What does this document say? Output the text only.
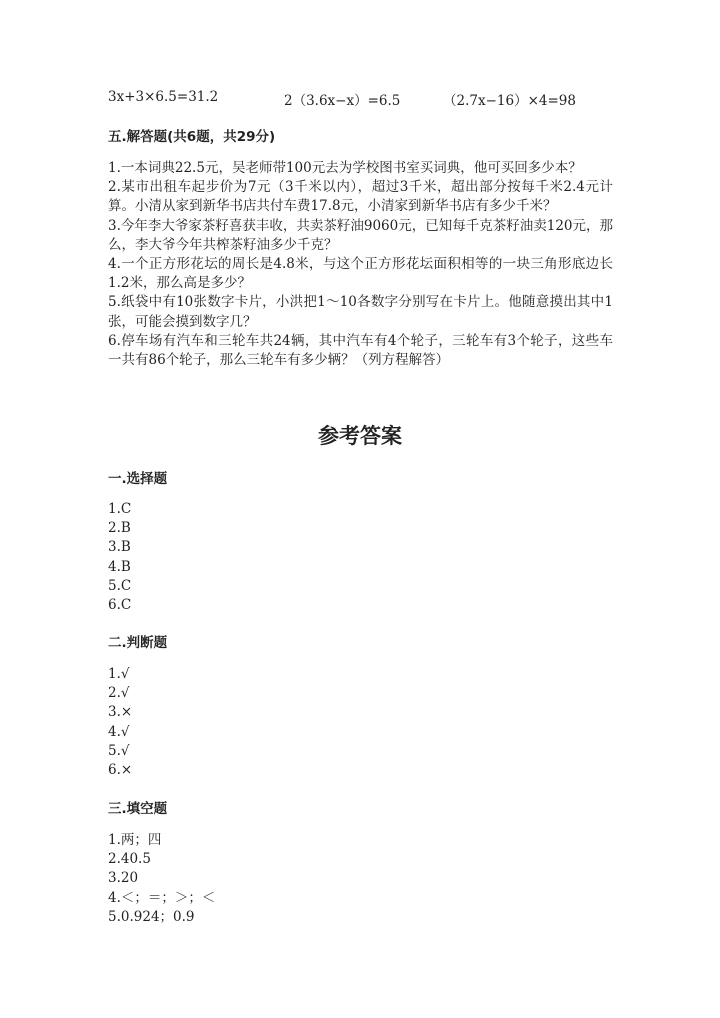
3x+3×6.5=31.2	2（3.6x−x）=6.5	（2.7x−16）×4=98
五.解答题(共6题，共29分)
1.一本词典22.5元，吴老师带100元去为学校图书室买词典，他可买回多少本？
2.某市出租车起步价为7元（3千米以内），超过3千米，超出部分按每千米2.4元计算。小清从家到新华书店共付车费17.8元，小清家到新华书店有多少千米？
3.今年李大爷家茶籽喜获丰收，共卖茶籽油9060元，已知每千克茶籽油卖120元，那么，李大爷今年共榨茶籽油多少千克？
4.一个正方形花坛的周长是4.8米，与这个正方形花坛面积相等的一块三角形底边长1.2米，那么高是多少？
5.纸袋中有10张数字卡片，小洪把1～10各数字分别写在卡片上。他随意摸出其中1张，可能会摸到数字几？
6.停车场有汽车和三轮车共24辆，其中汽车有4个轮子，三轮车有3个轮子，这些车一共有86个轮子，那么三轮车有多少辆？（列方程解答）
参考答案
一.选择题
1.C
2.B
3.B
4.B
5.C
6.C
二.判断题
1.√
2.√
3.×
4.√
5.√
6.×
三.填空题
1.两；四
2.40.5
3.20
4.＜；＝；＞；＜
5.0.924；0.9
